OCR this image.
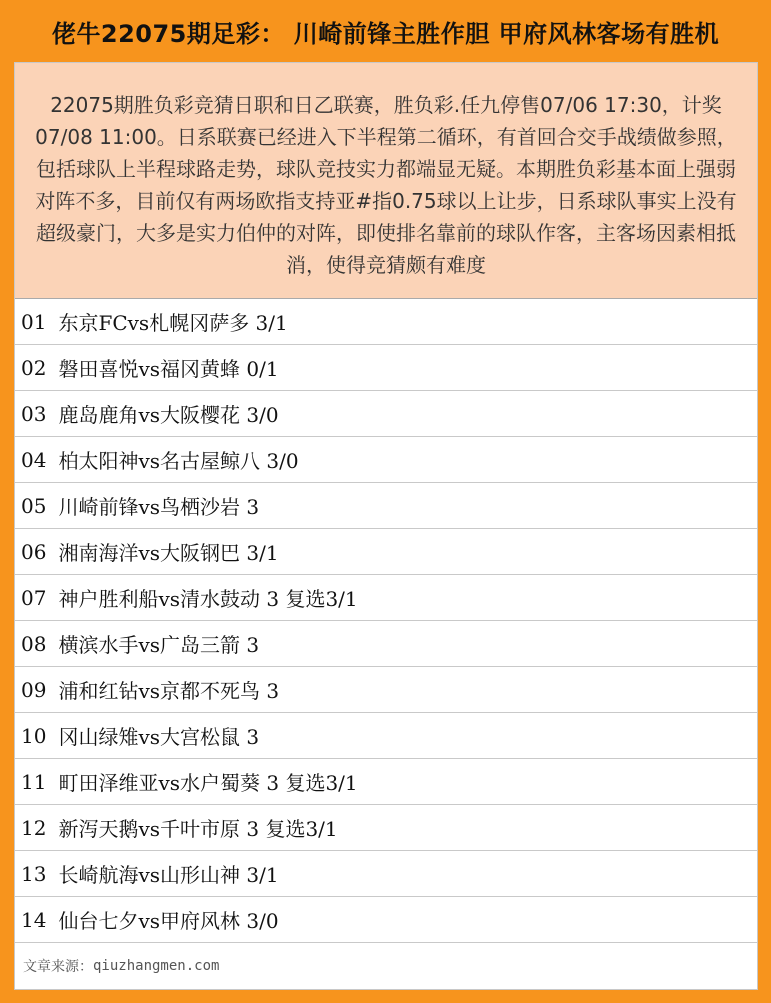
佬牛22075期足彩： 川崎前锋主胜作胆 甲府风林客场有胜机
22075期胜负彩竞猜日职和日乙联赛，胜负彩.任九停售07/06 17:30，计奖07/08 11:00。日系联赛已经进入下半程第二循环，有首回合交手战绩做参照，包括球队上半程球路走势，球队竞技实力都端显无疑。本期胜负彩基本面上强弱对阵不多，目前仅有两场欧指支持亚#指0.75球以上让步，日系球队事实上没有超级豪门，大多是实力伯仲的对阵，即使排名靠前的球队作客，主客场因素相抵消，使得竞猜颇有难度
01 东京FCvs札幌冈萨多 3/1
02 磐田喜悦vs福冈黄蜂 0/1
03 鹿岛鹿角vs大阪樱花 3/0
04 柏太阳神vs名古屋鲸八 3/0
05 川崎前锋vs鸟栖沙岩 3
06 湘南海洋vs大阪钢巴 3/1
07 神户胜利船vs清水鼓动 3 复选3/1
08 横滨水手vs广岛三箭 3
09 浦和红钻vs京都不死鸟 3
10 冈山绿雉vs大宫松鼠 3
11 町田泽维亚vs水户蜀葵 3 复选3/1
12 新泻天鹅vs千叶市原 3 复选3/1
13 长崎航海vs山形山神 3/1
14 仙台七夕vs甲府风林 3/0
文章来源： qiuzhangmen.com
